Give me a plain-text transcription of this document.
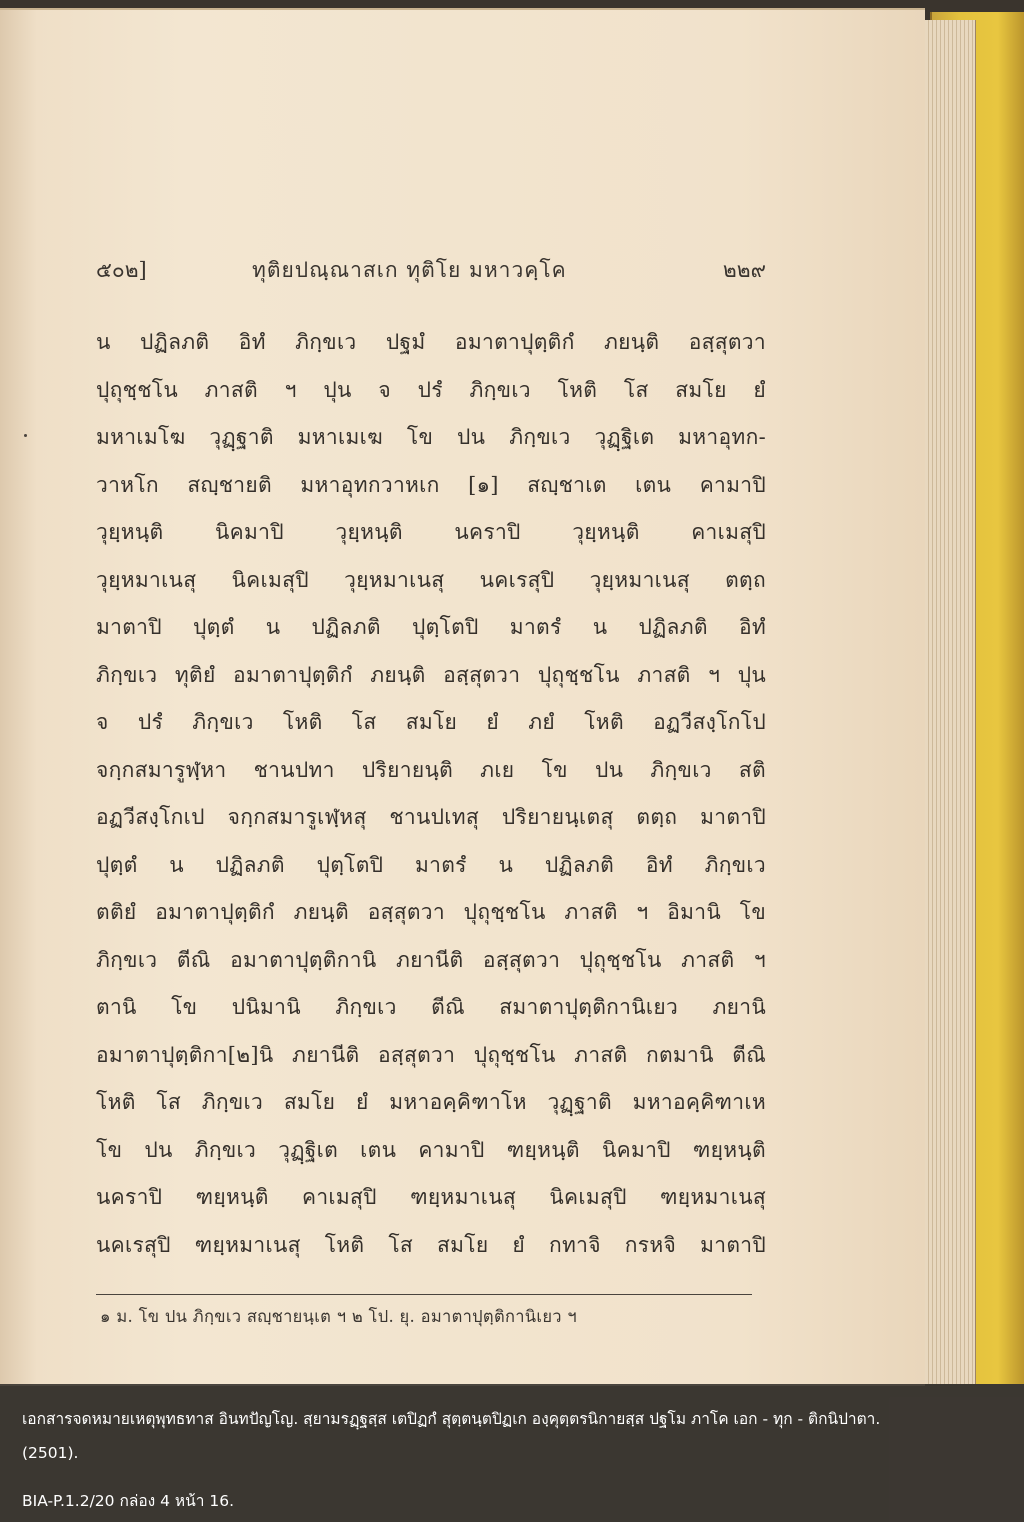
๕๐๒]	ทุติยปณฺณาสเก ทุติโย มหาวคฺโค	๒๒๙
น ปฏิลภติ อิทํ ภิกฺขเว ปฐมํ อมาตาปุตฺติกํ ภยนฺติ อสฺสุตวา
ปุถุชฺชโน ภาสติ ฯ ปุน จ ปรํ ภิกฺขเว โหติ โส สมโย ยํ
มหาเมโฆ วุฏฺฐาติ มหาเมเฆ โข ปน ภิกฺขเว วุฏฺฐิเต มหาอุทก-
วาหโก สญฺชายติ มหาอุทกวาหเก [๑] สญฺชาเต เตน คามาปิ
วุยฺหนฺติ นิคมาปิ วุยฺหนฺติ นคราปิ วุยฺหนฺติ คาเมสุปิ
วุยฺหมาเนสุ นิคเมสุปิ วุยฺหมาเนสุ นคเรสุปิ วุยฺหมาเนสุ ตตฺถ
มาตาปิ ปุตฺตํ น ปฏิลภติ ปุตฺโตปิ มาตรํ น ปฏิลภติ อิทํ
ภิกฺขเว ทุติยํ อมาตาปุตฺติกํ ภยนฺติ อสฺสุตวา ปุถุชฺชโน ภาสติ ฯ ปุน
จ ปรํ ภิกฺขเว โหติ โส สมโย ยํ ภยํ โหติ อฏวีสงฺโกโป
จกฺกสมารูฬฺหา ชานปทา ปริยายนฺติ ภเย โข ปน ภิกฺขเว สติ
อฏวีสงฺโกเป จกฺกสมารูเฬฺหสุ ชานปเทสุ ปริยายนฺเตสุ ตตฺถ มาตาปิ
ปุตฺตํ น ปฏิลภติ ปุตฺโตปิ มาตรํ น ปฏิลภติ อิทํ ภิกฺขเว
ตติยํ อมาตาปุตฺติกํ ภยนฺติ อสฺสุตวา ปุถุชฺชโน ภาสติ ฯ อิมานิ โข
ภิกฺขเว ตีณิ อมาตาปุตฺติกานิ ภยานีติ อสฺสุตวา ปุถุชฺชโน ภาสติ ฯ
ตานิ โข ปนิมานิ ภิกฺขเว ตีณิ สมาตาปุตฺติกานิเยว ภยานิ
อมาตาปุตฺติกา[๒]นิ ภยานีติ อสฺสุตวา ปุถุชฺชโน ภาสติ กตมานิ ตีณิ
โหติ โส ภิกฺขเว สมโย ยํ มหาอคฺคิฑาโห วุฏฺฐาติ มหาอคฺคิฑาเห
โข ปน ภิกฺขเว วุฏฺฐิเต เตน คามาปิ ฑยฺหนฺติ นิคมาปิ ฑยฺหนฺติ
นคราปิ ฑยฺหนฺติ คาเมสุปิ ฑยฺหมาเนสุ นิคเมสุปิ ฑยฺหมาเนสุ
นคเรสุปิ ฑยฺหมาเนสุ โหติ โส สมโย ยํ กทาจิ กรหจิ มาตาปิ
๑ ม. โข ปน ภิกฺขเว สญฺชายนฺเต ฯ ๒ โป. ยุ. อมาตาปุตฺติกานิเยว ฯ
เอกสารจดหมายเหตุพุทธทาส อินทปัญโญ. สฺยามรฏฺฐสฺส เตปิฏกํ สุตฺตนฺตปิฏเก องฺคุตฺตรนิกายสฺส ปฐโม ภาโค เอก - ทุก - ติกนิปาตา.
(2501).
BIA-P.1.2/20 กล่อง 4 หน้า 16.
